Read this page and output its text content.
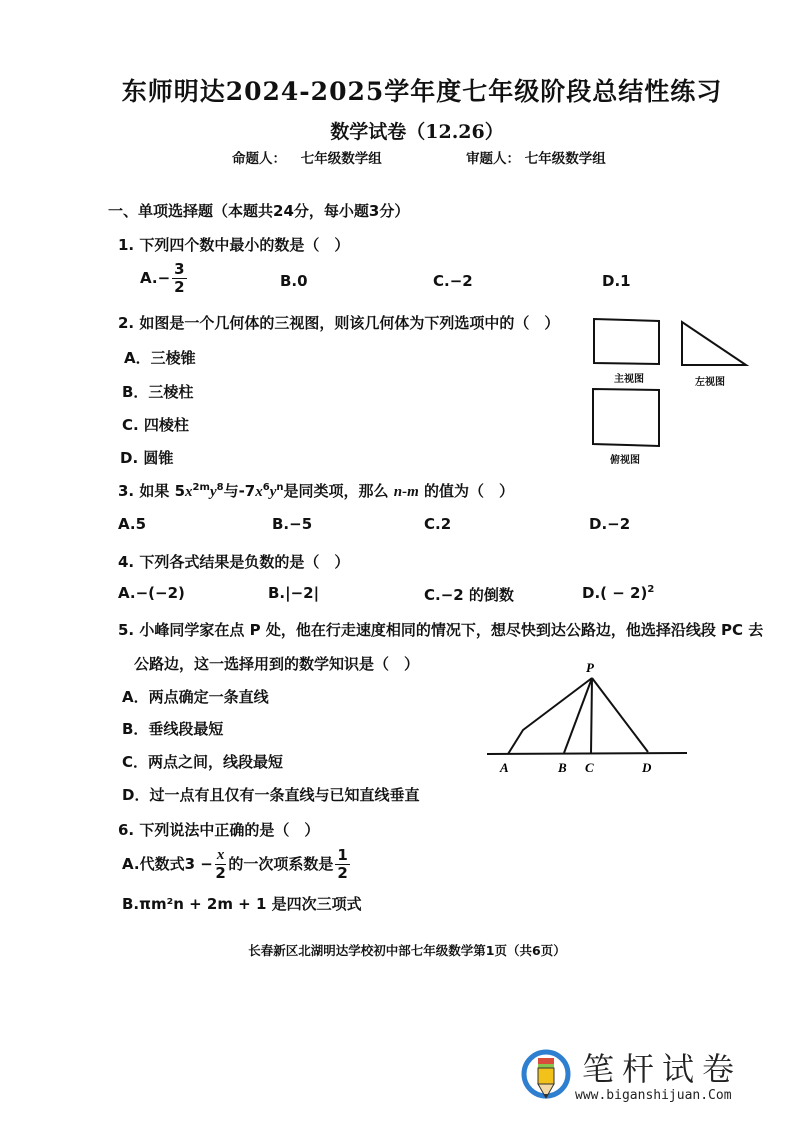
东师明达2024-2025学年度七年级阶段总结性练习
数学试卷（12.26）
命题人： 七年级数学组	审题人： 七年级数学组
一、单项选择题（本题共24分，每小题3分）
1. 下列四个数中最小的数是（　）
$A.- \frac{3}{2}$	B.0	C.−2	D.1
2. 如图是一个几何体的三视图，则该几何体为下列选项中的（　）
A．三棱锥
B．三棱柱
C. 四棱柱
D. 圆锥
主视图	左视图
俯视图
3. 如果 $5x^{2m}y^8$与$-7x^6y^n$是同类项，那么 n-m 的值为（　）
A.5	B.−5	C.2	D.−2
4. 下列各式结果是负数的是（　）
A.−(−2)	B.|−2|	C.−2 的倒数	$D.( - 2)^2$
5. 小峰同学家在点 P 处，他在行走速度相同的情况下，想尽快到达公路边，他选择沿线段 PC 去
公路边，这一选择用到的数学知识是（　）
A．两点确定一条直线
B．垂线段最短
C．两点之间，线段最短
D．过一点有且仅有一条直线与已知直线垂直
P
A	B C	D
6. 下列说法中正确的是（　）
A.代数式$3 - \frac{x}{2}$ 的一次项系数是 $\frac{1}{2}$
B.πm²n + 2m + 1 是四次三项式
长春新区北湖明达学校初中部七年级数学第1页（共6页）
笔杆试卷
www.biganshijuan.Com
